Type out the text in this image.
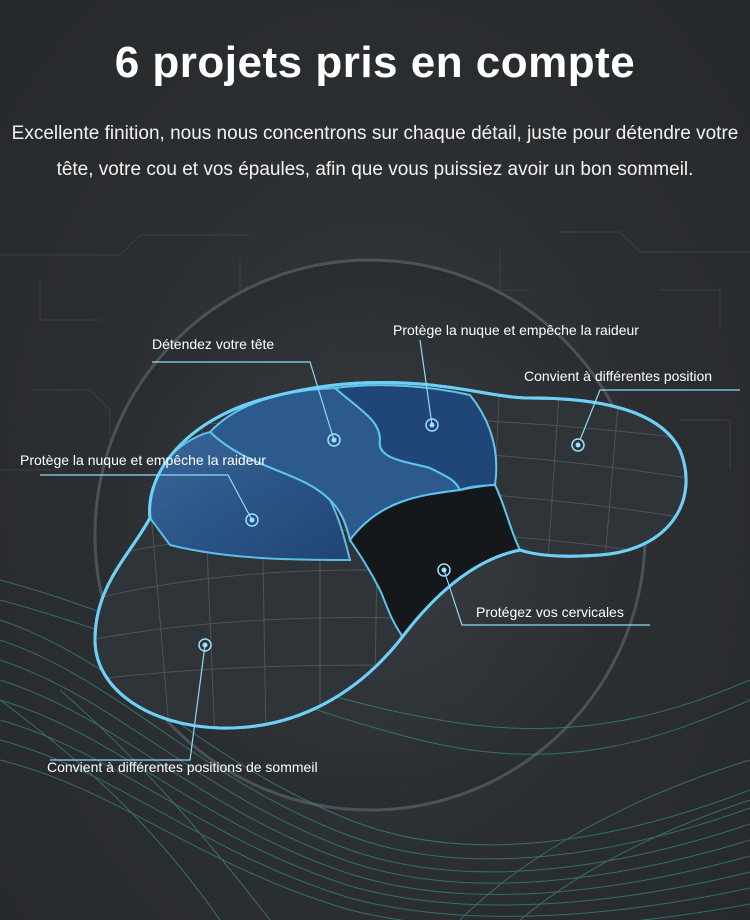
6 projets pris en compte
Excellente finition, nous nous concentrons sur chaque détail, juste pour détendre votre tête, votre cou et vos épaules, afin que vous puissiez avoir un bon sommeil.
Détendez votre tête
Protège la nuque et empêche la raideur
Convient à différentes position
Protège la nuque et empêche la raideur
Protégez vos cervicales
Convient à différentes positions de sommeil
